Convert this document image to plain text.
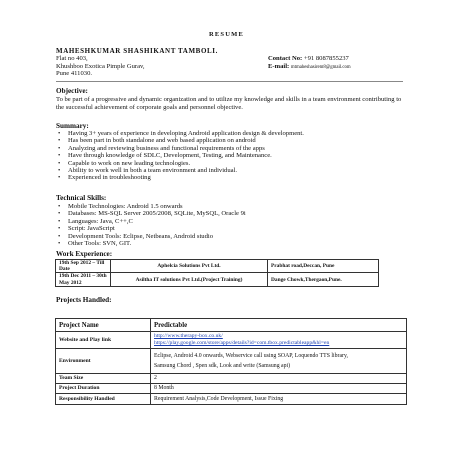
RESUME
MAHESHKUMAR SHASHIKANT TAMBOLI.
Flat no 403,
Khushboo Exotica Pimple Gurav,
Pune 411030.
Contact No: +91 8087855237
E-mail: mtmaheshasirem8@gmail.com
Objective:
To be part of a progressive and dynamic organization and to utilize my knowledge and skills in a team environment contributing to the successful achievement of corporate goals and personnel objective.
Summary:
• Having 3+ years of experience in developing Android application design & development.
• Has been part in both standalone and web based application on android
• Analyzing and reviewing business and functional requirements of the apps
• Have through knowledge of SDLC, Development, Testing, and Maintenance.
• Capable to work on new leading technologies.
• Ability to work well in both a team environment and individual.
• Experienced in troubleshooting
Technical Skills:
• Mobile Technologies: Android 1.5 onwards
• Databases: MS-SQL Server 2005/2008, SQLite, MySQL, Oracle 9i
• Languages: Java, C++,C
• Script: JavaScript
• Development Tools: Eclipse, Netbeans, Android studio
• Other Tools: SVN, GIT.
Work Experience:
19th Sep 2012 – Till Date	Aphelcia Solutions Pvt Ltd.	Prabhat road,Deccan, Pune
19th Dec 2011 – 30th May 2012	Asiltha IT solutions Pvt Ltd.(Project Training)	Dange Chowk,Thergaon,Pune.
Projects Handled:
Project Name	Predictable
Website and Play link	http://www.therapy-box.co.uk/
https://play.google.com/store/apps/details?id=com.tbox.predictableapp&hl=en

Environment	Eclipse, Android 4.0 onwards, Webservice call using SOAP, Loquendo TTS library,
Samsung Chord , Spen sdk, Look and write (Samsung api)

Team Size	2
Project Duration	8 Month
Responsibility Handled	Requirement Analysis,Code Development, Issue Fixing
